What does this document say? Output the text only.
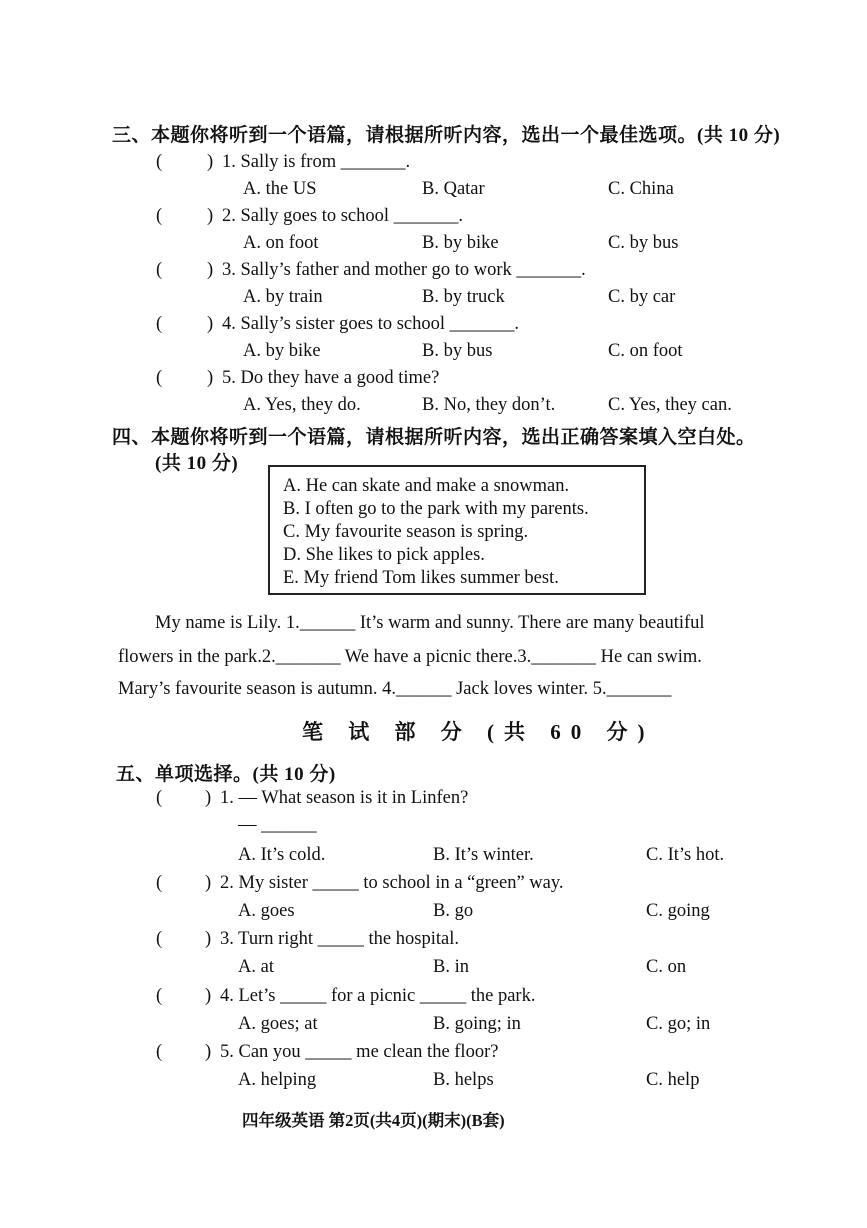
三、本题你将听到一个语篇，请根据所听内容，选出一个最佳选项。(共 10 分)
( ) 1. Sally is from _______.
A. the US	B. Qatar	C. China
( ) 2. Sally goes to school _______.
A. on foot	B. by bike	C. by bus
( ) 3. Sally’s father and mother go to work _______.
A. by train	B. by truck	C. by car
( ) 4. Sally’s sister goes to school _______.
A. by bike	B. by bus	C. on foot
( ) 5. Do they have a good time?
A. Yes, they do.	B. No, they don’t.	C. Yes, they can.
四、本题你将听到一个语篇，请根据所听内容，选出正确答案填入空白处。
(共 10 分)
A. He can skate and make a snowman.
B. I often go to the park with my parents.
C. My favourite season is spring.
D. She likes to pick apples.
E. My friend Tom likes summer best.
My name is Lily. 1.______ It’s warm and sunny. There are many beautiful
flowers in the park.2._______ We have a picnic there.3._______ He can swim.
Mary’s favourite season is autumn. 4.______ Jack loves winter. 5._______
笔 试 部 分 (共 60 分)
五、单项选择。(共 10 分)
( ) 1. — What season is it in Linfen?
— ______
A. It’s cold.	B. It’s winter.	C. It’s hot.
( ) 2. My sister _____ to school in a “green” way.
A. goes	B. go	C. going
( ) 3. Turn right _____ the hospital.
A. at	B. in	C. on
( ) 4. Let’s _____ for a picnic _____ the park.
A. goes; at	B. going; in	C. go; in
( ) 5. Can you _____ me clean the floor?
A. helping	B. helps	C. help
四年级英语 第2页(共4页)(期末)(B套)
